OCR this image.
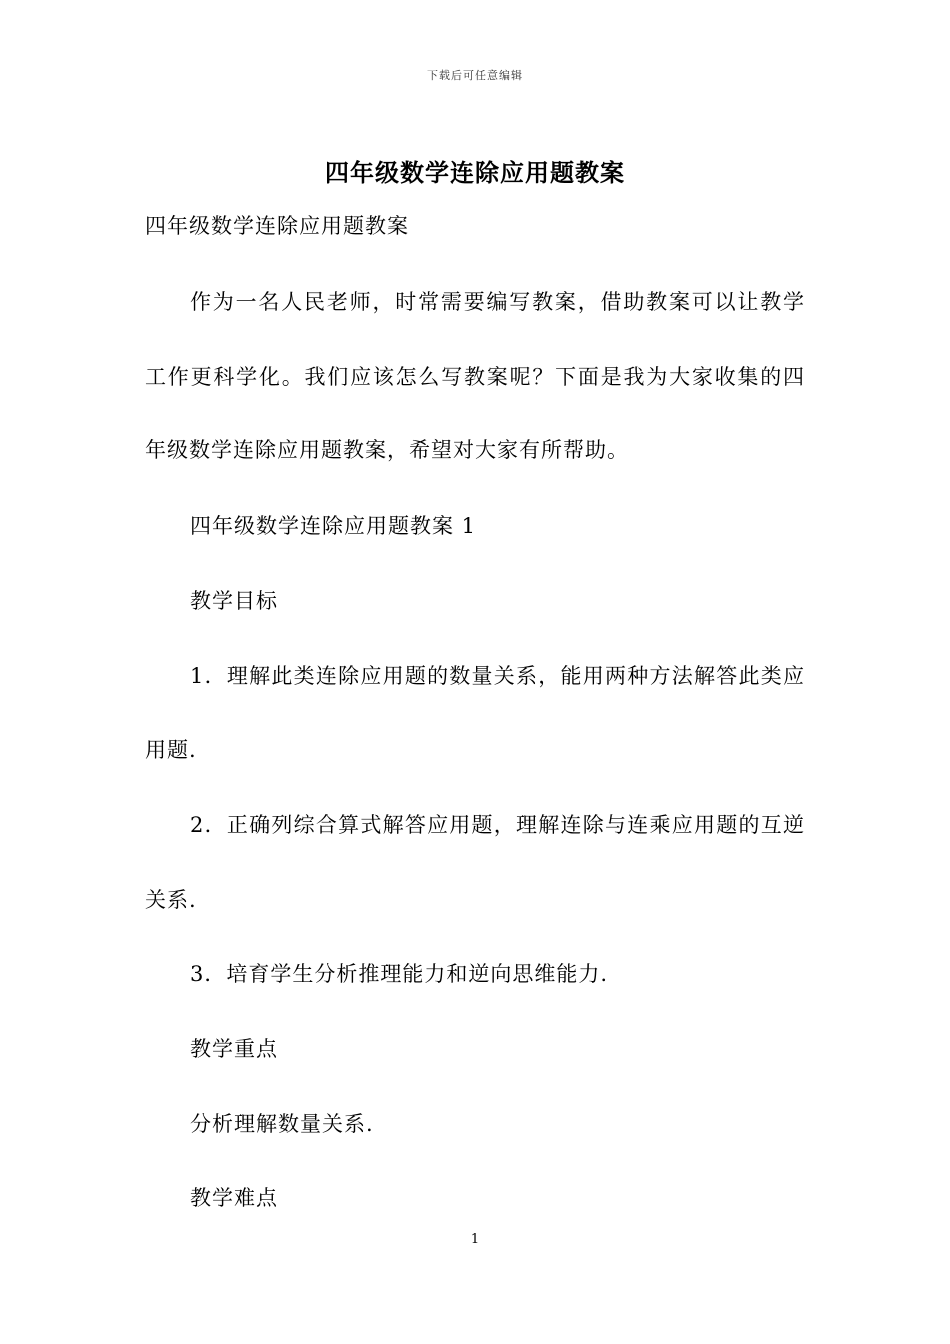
下载后可任意编辑
四年级数学连除应用题教案
四年级数学连除应用题教案
作为一名人民老师，时常需要编写教案，借助教案可以让教学
工作更科学化。我们应该怎么写教案呢？下面是我为大家收集的四
年级数学连除应用题教案，希望对大家有所帮助。
四年级数学连除应用题教案 1
教学目标
1．理解此类连除应用题的数量关系，能用两种方法解答此类应
用题.
2．正确列综合算式解答应用题，理解连除与连乘应用题的互逆
关系.
3．培育学生分析推理能力和逆向思维能力.
教学重点
分析理解数量关系.
教学难点
1
